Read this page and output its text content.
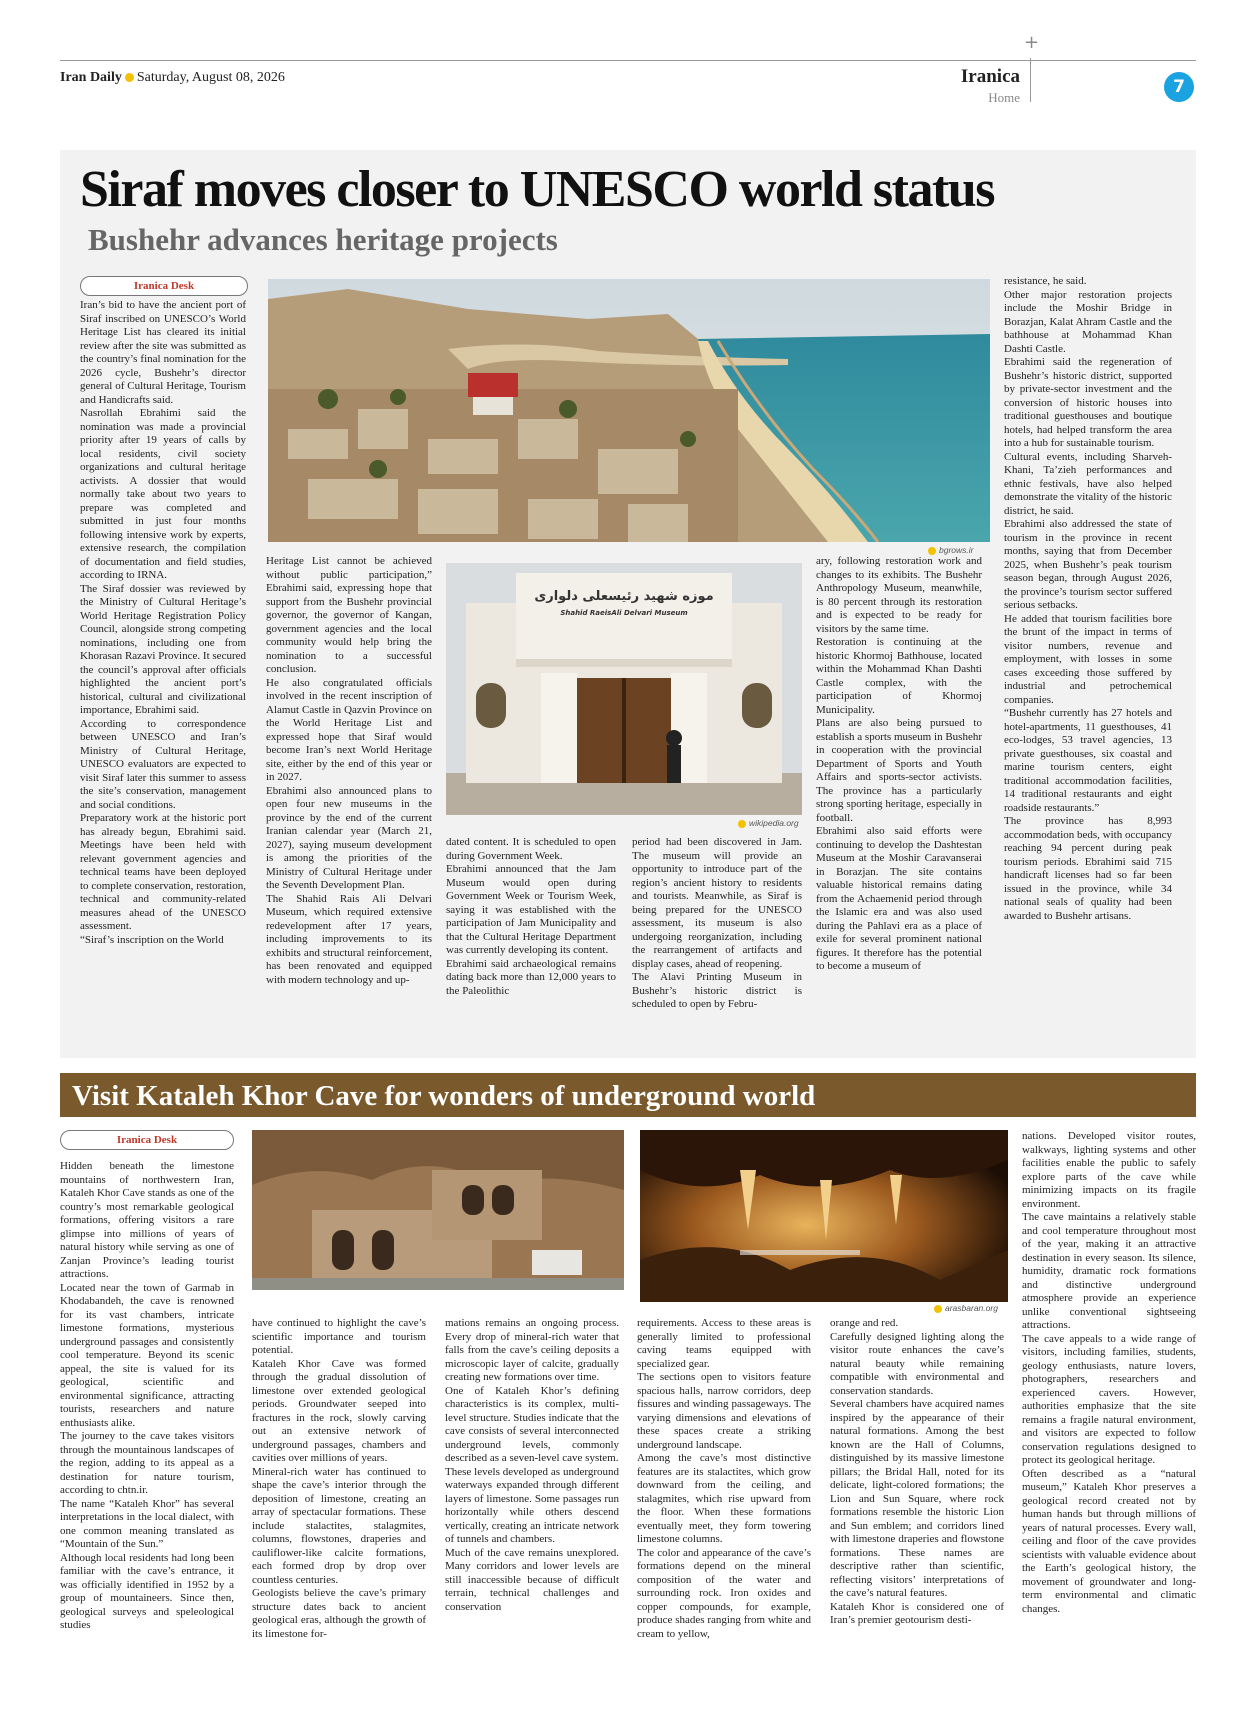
Iran Daily Saturday, August 08, 2026
+
Iranica
Home
7
Siraf moves closer to UNESCO world status
Bushehr advances heritage projects
Iranica Desk
bgrows.ir
موزه شهید رئیسعلی دلواری
Shahid RaeisAli Delvari Museum
wikipedia.org

Iran’s bid to have the ancient port of Siraf inscribed on UNESCO’s World Heritage List has cleared its initial review after the site was submitted as the country’s final nomination for the 2026 cycle, Bushehr’s director general of Cultural Heritage, Tourism and Handicrafts said.

Nasrollah Ebrahimi said the nomination was made a provincial priority after 19 years of calls by local residents, civil society organizations and cultural heritage activists. A dossier that would normally take about two years to prepare was completed and submitted in just four months following intensive work by experts, extensive research, the compilation of documentation and field studies, according to IRNA.

The Siraf dossier was reviewed by the Ministry of Cultural Heritage’s World Heritage Registration Policy Council, alongside strong competing nominations, including one from Khorasan Razavi Province. It secured the council’s approval after officials highlighted the ancient port’s historical, cultural and civilizational importance, Ebrahimi said.

According to correspondence between UNESCO and Iran’s Ministry of Cultural Heritage, UNESCO evaluators are expected to visit Siraf later this summer to assess the site’s conservation, management and social conditions.

Preparatory work at the historic port has already begun, Ebrahimi said. Meetings have been held with relevant government agencies and technical teams have been deployed to complete conservation, restoration, technical and community-related measures ahead of the UNESCO assessment.

“Siraf’s inscription on the World

Heritage List cannot be achieved without public participation,” Ebrahimi said, expressing hope that support from the Bushehr provincial governor, the governor of Kangan, government agencies and the local community would help bring the nomination to a successful conclusion.

He also congratulated officials involved in the recent inscription of Alamut Castle in Qazvin Province on the World Heritage List and expressed hope that Siraf would become Iran’s next World Heritage site, either by the end of this year or in 2027.

Ebrahimi also announced plans to open four new museums in the province by the end of the current Iranian calendar year (March 21, 2027), saying museum development is among the priorities of the Ministry of Cultural Heritage under the Seventh Development Plan.

The Shahid Rais Ali Delvari Museum, which required extensive redevelopment after 17 years, including improvements to its exhibits and structural reinforcement, has been renovated and equipped with modern technology and up-

dated content. It is scheduled to open during Government Week.

Ebrahimi announced that the Jam Museum would open during Government Week or Tourism Week, saying it was established with the participation of Jam Municipality and that the Cultural Heritage Department was currently developing its content.

Ebrahimi said archaeological remains dating back more than 12,000 years to the Paleolithic

period had been discovered in Jam. The museum will provide an opportunity to introduce part of the region’s ancient history to residents and tourists. Meanwhile, as Siraf is being prepared for the UNESCO assessment, its museum is also undergoing reorganization, including the rearrangement of artifacts and display cases, ahead of reopening.

The Alavi Printing Museum in Bushehr’s historic district is scheduled to open by Febru-

ary, following restoration work and changes to its exhibits. The Bushehr Anthropology Museum, meanwhile, is 80 percent through its restoration and is expected to be ready for visitors by the same time.

Restoration is continuing at the historic Khormoj Bathhouse, located within the Mohammad Khan Dashti Castle complex, with the participation of Khormoj Municipality.

Plans are also being pursued to establish a sports museum in Bushehr in cooperation with the provincial Department of Sports and Youth Affairs and sports-sector activists. The province has a particularly strong sporting heritage, especially in football.

Ebrahimi also said efforts were continuing to develop the Dashtestan Museum at the Moshir Caravanserai in Borazjan. The site contains valuable historical remains dating from the Achaemenid period through the Islamic era and was also used during the Pahlavi era as a place of exile for several prominent national figures. It therefore has the potential to become a museum of

resistance, he said.

Other major restoration projects include the Moshir Bridge in Borazjan, Kalat Ahram Castle and the bathhouse at Mohammad Khan Dashti Castle.

Ebrahimi said the regeneration of Bushehr’s historic district, supported by private-sector investment and the conversion of historic houses into traditional guesthouses and boutique hotels, had helped transform the area into a hub for sustainable tourism.

Cultural events, including Sharveh-Khani, Ta’zieh performances and ethnic festivals, have also helped demonstrate the vitality of the historic district, he said.

Ebrahimi also addressed the state of tourism in the province in recent months, saying that from December 2025, when Bushehr’s peak tourism season began, through August 2026, the province’s tourism sector suffered serious setbacks.

He added that tourism facilities bore the brunt of the impact in terms of visitor numbers, revenue and employment, with losses in some cases exceeding those suffered by industrial and petrochemical companies.

“Bushehr currently has 27 hotels and hotel-apartments, 11 guesthouses, 41 eco-lodges, 53 travel agencies, 13 private guesthouses, six coastal and marine tourism centers, eight traditional accommodation facilities, 14 traditional restaurants and eight roadside restaurants.”

The province has 8,993 accommodation beds, with occupancy reaching 94 percent during peak tourism periods. Ebrahimi said 715 handicraft licenses had so far been issued in the province, while 34 national seals of quality had been awarded to Bushehr artisans.

Visit Kataleh Khor Cave for wonders of underground world
Iranica Desk
arasbaran.org

Hidden beneath the limestone mountains of northwestern Iran, Kataleh Khor Cave stands as one of the country’s most remarkable geological formations, offering visitors a rare glimpse into millions of years of natural history while serving as one of Zanjan Province’s leading tourist attractions.

Located near the town of Garmab in Khodabandeh, the cave is renowned for its vast chambers, intricate limestone formations, mysterious underground passages and consistently cool temperature. Beyond its scenic appeal, the site is valued for its geological, scientific and environmental significance, attracting tourists, researchers and nature enthusiasts alike.

The journey to the cave takes visitors through the mountainous landscapes of the region, adding to its appeal as a destination for nature tourism, according to chtn.ir.

The name “Kataleh Khor” has several interpretations in the local dialect, with one common meaning translated as “Mountain of the Sun.”

Although local residents had long been familiar with the cave’s entrance, it was officially identified in 1952 by a group of mountaineers. Since then, geological surveys and speleological studies

have continued to highlight the cave’s scientific importance and tourism potential.

Kataleh Khor Cave was formed through the gradual dissolution of limestone over extended geological periods. Groundwater seeped into fractures in the rock, slowly carving out an extensive network of underground passages, chambers and cavities over millions of years.

Mineral-rich water has continued to shape the cave’s interior through the deposition of limestone, creating an array of spectacular formations. These include stalactites, stalagmites, columns, flowstones, draperies and cauliflower-like calcite formations, each formed drop by drop over countless centuries.

Geologists believe the cave’s primary structure dates back to ancient geological eras, although the growth of its limestone for-

mations remains an ongoing process. Every drop of mineral-rich water that falls from the cave’s ceiling deposits a microscopic layer of calcite, gradually creating new formations over time.

One of Kataleh Khor’s defining characteristics is its complex, multi-level structure. Studies indicate that the cave consists of several interconnected underground levels, commonly described as a seven-level cave system.

These levels developed as underground waterways expanded through different layers of limestone. Some passages run horizontally while others descend vertically, creating an intricate network of tunnels and chambers.

Much of the cave remains unexplored. Many corridors and lower levels are still inaccessible because of difficult terrain, technical challenges and conservation

requirements. Access to these areas is generally limited to professional caving teams equipped with specialized gear.

The sections open to visitors feature spacious halls, narrow corridors, deep fissures and winding passageways. The varying dimensions and elevations of these spaces create a striking underground landscape.

Among the cave’s most distinctive features are its stalactites, which grow downward from the ceiling, and stalagmites, which rise upward from the floor. When these formations eventually meet, they form towering limestone columns.

The color and appearance of the cave’s formations depend on the mineral composition of the water and surrounding rock. Iron oxides and copper compounds, for example, produce shades ranging from white and cream to yellow,

orange and red.

Carefully designed lighting along the visitor route enhances the cave’s natural beauty while remaining compatible with environmental and conservation standards.

Several chambers have acquired names inspired by the appearance of their natural formations. Among the best known are the Hall of Columns, distinguished by its massive limestone pillars; the Bridal Hall, noted for its delicate, light-colored formations; the Lion and Sun Square, where rock formations resemble the historic Lion and Sun emblem; and corridors lined with limestone draperies and flowstone formations. These names are descriptive rather than scientific, reflecting visitors’ interpretations of the cave’s natural features.

Kataleh Khor is considered one of Iran’s premier geotourism desti-

nations. Developed visitor routes, walkways, lighting systems and other facilities enable the public to safely explore parts of the cave while minimizing impacts on its fragile environment.

The cave maintains a relatively stable and cool temperature throughout most of the year, making it an attractive destination in every season. Its silence, humidity, dramatic rock formations and distinctive underground atmosphere provide an experience unlike conventional sightseeing attractions.

The cave appeals to a wide range of visitors, including families, students, geology enthusiasts, nature lovers, photographers, researchers and experienced cavers. However, authorities emphasize that the site remains a fragile natural environment, and visitors are expected to follow conservation regulations designed to protect its geological heritage.

Often described as a “natural museum,” Kataleh Khor preserves a geological record created not by human hands but through millions of years of natural processes. Every wall, ceiling and floor of the cave provides scientists with valuable evidence about the Earth’s geological history, the movement of groundwater and long-term environmental and climatic changes.
